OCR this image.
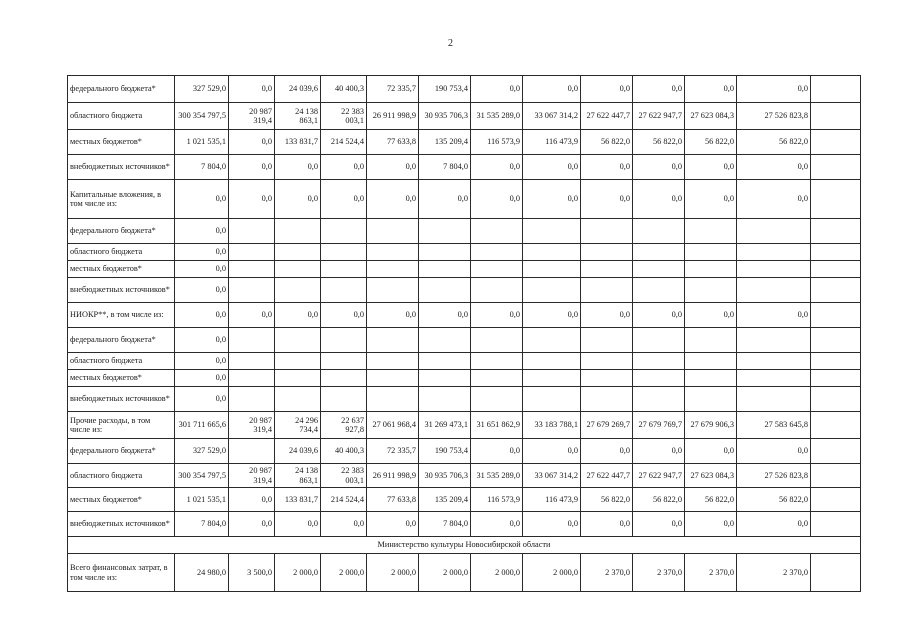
2
федерального бюджета*	327 529,0	0,0	24 039,6	40 400,3	72 335,7	190 753,4	0,0	0,0	0,0	0,0	0,0	0,0	
областного бюджета	300 354 797,5	20 987 319,4	24 138 863,1	22 383 003,1	26 911 998,9	30 935 706,3	31 535 289,0	33 067 314,2	27 622 447,7	27 622 947,7	27 623 084,3	27 526 823,8	
местных бюджетов*	1 021 535,1	0,0	133 831,7	214 524,4	77 633,8	135 209,4	116 573,9	116 473,9	56 822,0	56 822,0	56 822,0	56 822,0	
внебюджетных источников*	7 804,0	0,0	0,0	0,0	0,0	7 804,0	0,0	0,0	0,0	0,0	0,0	0,0	
Капитальные вложения, в том числе из:	0,0	0,0	0,0	0,0	0,0	0,0	0,0	0,0	0,0	0,0	0,0	0,0	
федерального бюджета*	0,0												
областного бюджета	0,0												
местных бюджетов*	0,0												
внебюджетных источников*	0,0												
НИОКР**, в том числе из:	0,0	0,0	0,0	0,0	0,0	0,0	0,0	0,0	0,0	0,0	0,0	0,0	
федерального бюджета*	0,0												
областного бюджета	0,0												
местных бюджетов*	0,0												
внебюджетных источников*	0,0												
Прочие расходы, в том числе из:	301 711 665,6	20 987 319,4	24 296 734,4	22 637 927,8	27 061 968,4	31 269 473,1	31 651 862,9	33 183 788,1	27 679 269,7	27 679 769,7	27 679 906,3	27 583 645,8	
федерального бюджета*	327 529,0		24 039,6	40 400,3	72 335,7	190 753,4	0,0	0,0	0,0	0,0	0,0	0,0	
областного бюджета	300 354 797,5	20 987 319,4	24 138 863,1	22 383 003,1	26 911 998,9	30 935 706,3	31 535 289,0	33 067 314,2	27 622 447,7	27 622 947,7	27 623 084,3	27 526 823,8	
местных бюджетов*	1 021 535,1	0,0	133 831,7	214 524,4	77 633,8	135 209,4	116 573,9	116 473,9	56 822,0	56 822,0	56 822,0	56 822,0	
внебюджетных источников*	7 804,0	0,0	0,0	0,0	0,0	7 804,0	0,0	0,0	0,0	0,0	0,0	0,0	
Министерство культуры Новосибирской области													
Всего финансовых затрат, в том числе из:	24 980,0	3 500,0	2 000,0	2 000,0	2 000,0	2 000,0	2 000,0	2 000,0	2 370,0	2 370,0	2 370,0	2 370,0	
